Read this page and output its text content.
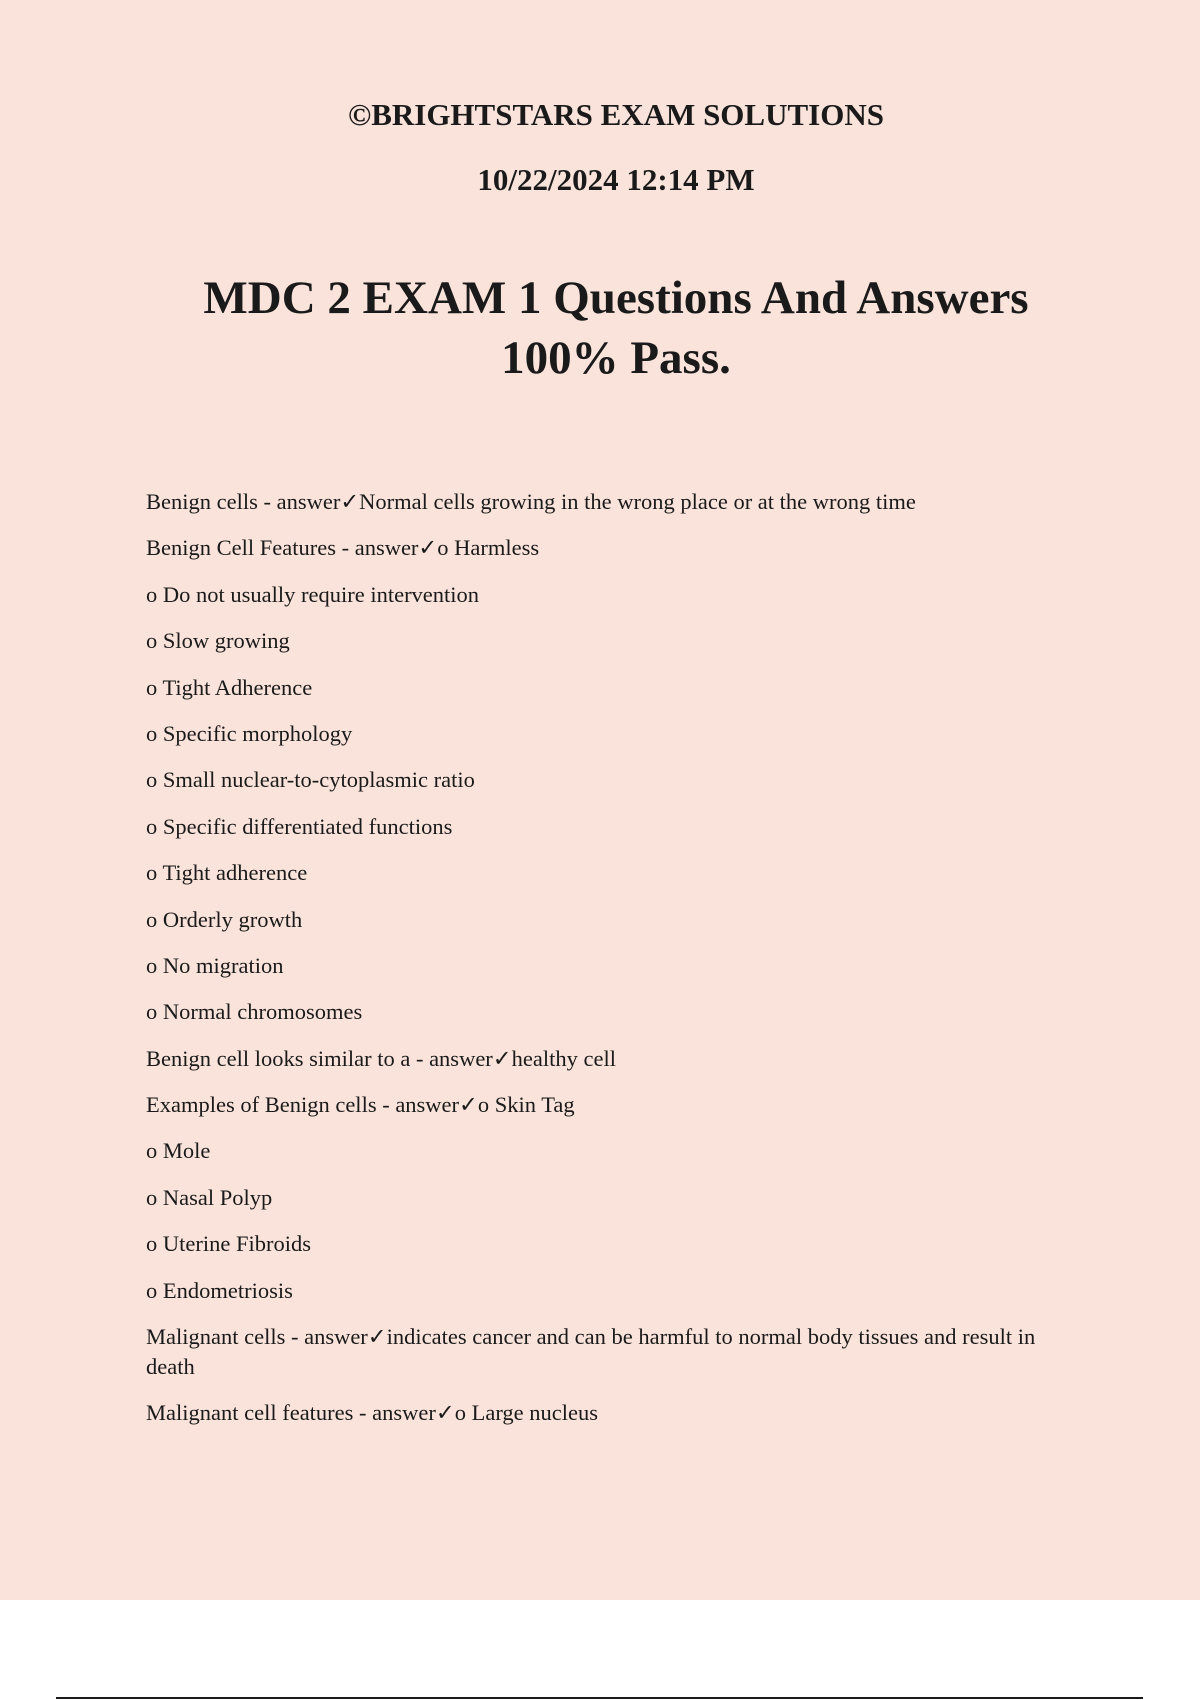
©BRIGHTSTARS EXAM SOLUTIONS
10/22/2024 12:14 PM
MDC 2 EXAM 1 Questions And Answers
100% Pass.
Benign cells - answer✓Normal cells growing in the wrong place or at the wrong time
Benign Cell Features - answer✓o Harmless
o Do not usually require intervention
o Slow growing
o Tight Adherence
o Specific morphology
o Small nuclear-to-cytoplasmic ratio
o Specific differentiated functions
o Tight adherence
o Orderly growth
o No migration
o Normal chromosomes
Benign cell looks similar to a - answer✓healthy cell
Examples of Benign cells - answer✓o Skin Tag
o Mole
o Nasal Polyp
o Uterine Fibroids
o Endometriosis
Malignant cells - answer✓indicates cancer and can be harmful to normal body tissues and result in death
Malignant cell features - answer✓o Large nucleus
